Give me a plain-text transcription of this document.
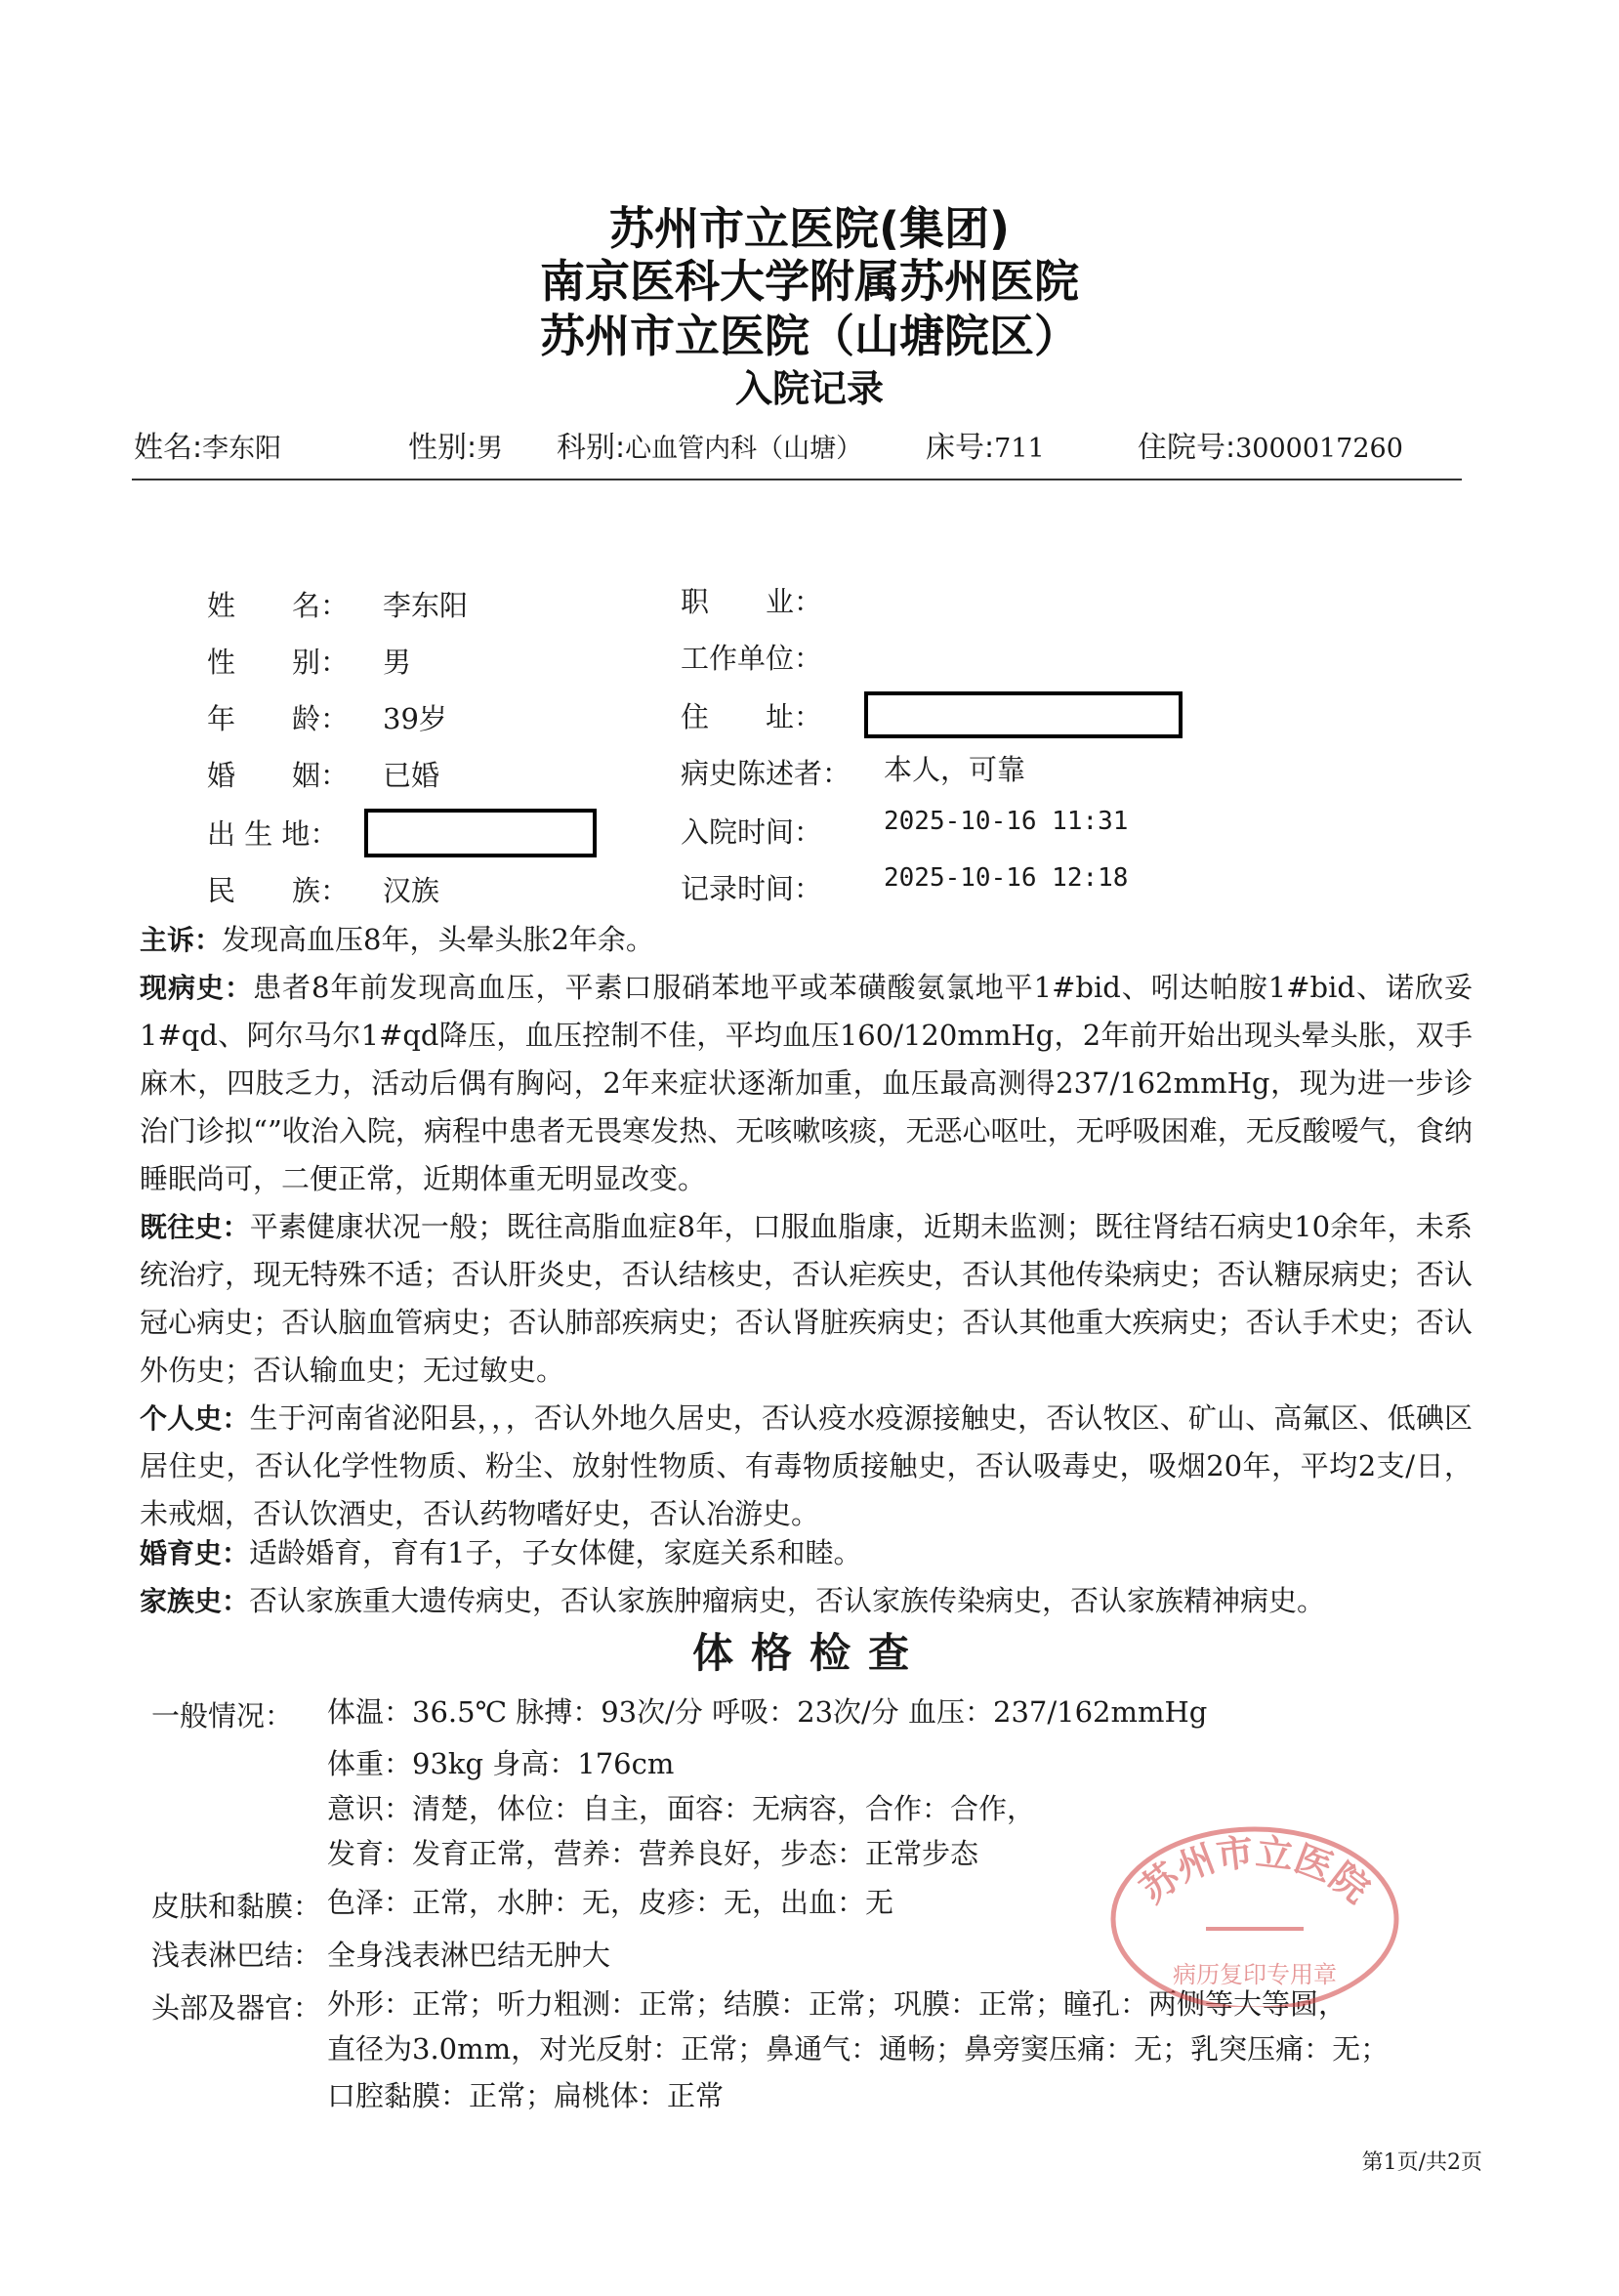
苏州市立医院(集团)
南京医科大学附属苏州医院
苏州市立医院（山塘院区）
入院记录
姓名:李东阳	性别:男 科别:心血管内科（山塘） 床号:711	住院号:3000017260
姓　　名： 李东阳
性　　别： 男
年　　龄： 39岁
婚　　姻： 已婚
出 生 地：
民　　族： 汉族
职　　业：
工作单位：
住　　址：
病史陈述者： 本人，可靠
入院时间： 2025-10-16 11:31
记录时间： 2025-10-16 12:18
主诉：发现高血压8年，头晕头胀2年余。
现病史：患者8年前发现高血压，平素口服硝苯地平或苯磺酸氨氯地平1#bid、吲达帕胺1#bid、诺欣妥1#qd、阿尔马尔1#qd降压，血压控制不佳，平均血压160/120mmHg，2年前开始出现头晕头胀，双手麻木，四肢乏力，活动后偶有胸闷，2年来症状逐渐加重，血压最高测得237/162mmHg，现为进一步诊治门诊拟“”收治入院，病程中患者无畏寒发热、无咳嗽咳痰，无恶心呕吐，无呼吸困难，无反酸嗳气，食纳睡眠尚可，二便正常，近期体重无明显改变。
既往史：平素健康状况一般；既往高脂血症8年，口服血脂康，近期未监测；既往肾结石病史10余年，未系统治疗，现无特殊不适；否认肝炎史，否认结核史，否认疟疾史，否认其他传染病史；否认糖尿病史；否认冠心病史；否认脑血管病史；否认肺部疾病史；否认肾脏疾病史；否认其他重大疾病史；否认手术史；否认外伤史；否认输血史；无过敏史。
个人史：生于河南省泌阳县，，，否认外地久居史，否认疫水疫源接触史，否认牧区、矿山、高氟区、低碘区居住史，否认化学性物质、粉尘、放射性物质、有毒物质接触史，否认吸毒史，吸烟20年，平均2支/日，未戒烟，否认饮酒史，否认药物嗜好史，否认冶游史。
婚育史：适龄婚育，育有1子，子女体健，家庭关系和睦。
家族史：否认家族重大遗传病史，否认家族肿瘤病史，否认家族传染病史，否认家族精神病史。
体格检查
一般情况： 体温：36.5℃ 脉搏：93次/分 呼吸：23次/分 血压：237/162mmHg
体重：93kg 身高：176cm
意识：清楚，体位：自主，面容：无病容，合作：合作，
发育：发育正常，营养：营养良好，步态：正常步态
皮肤和黏膜： 色泽：正常，水肿：无，皮疹：无，出血：无
浅表淋巴结： 全身浅表淋巴结无肿大
头部及器官： 外形：正常；听力粗测：正常；结膜：正常；巩膜：正常；瞳孔：两侧等大等圆，
直径为3.0mm，对光反射：正常；鼻通气：通畅；鼻旁窦压痛：无；乳突压痛：无；
口腔黏膜：正常；扁桃体：正常
苏州市立医院
病历复印专用章
第1页/共2页
